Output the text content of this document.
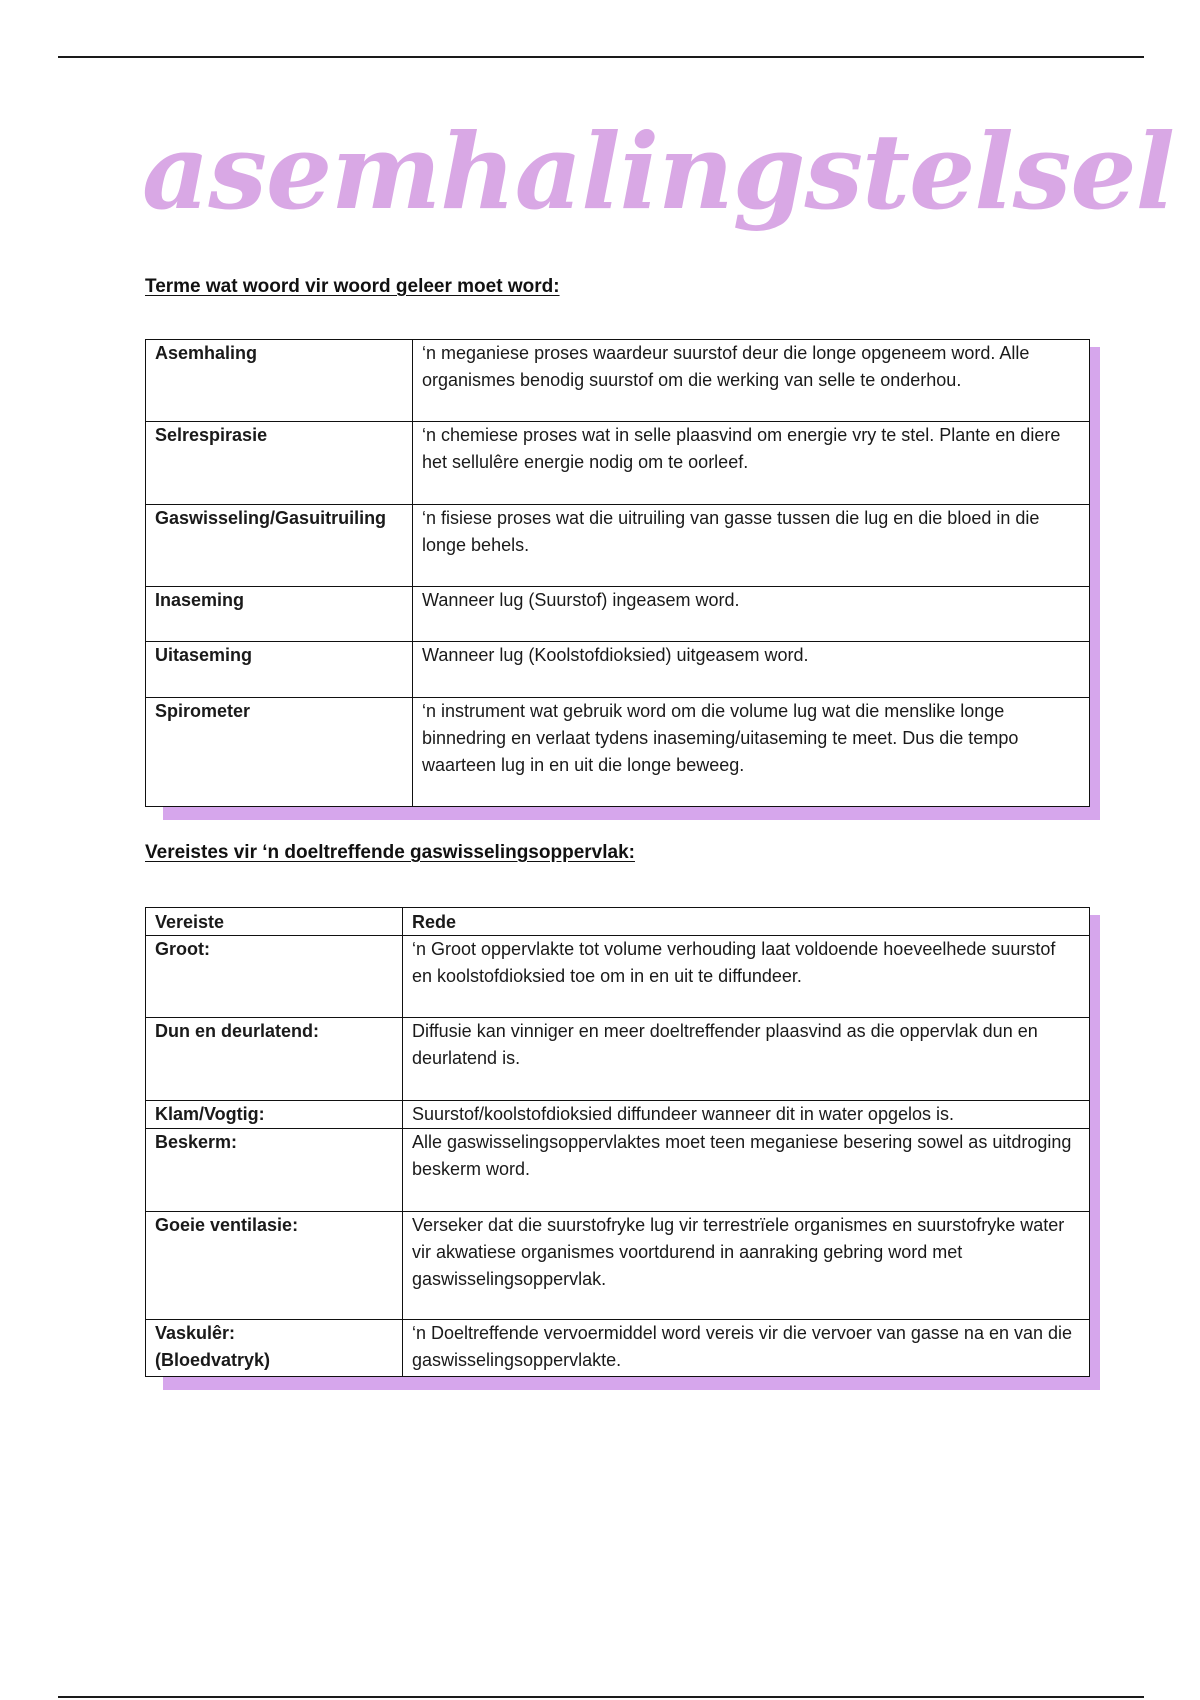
asemhalingstelsel

Terme wat woord vir woord geleer moet word:

Asemhaling	‘n meganiese proses waardeur suurstof deur die longe opgeneem word. Alle organismes benodig suurstof om die werking van selle te onderhou.
Selrespirasie	‘n chemiese proses wat in selle plaasvind om energie vry te stel. Plante en diere het sellulêre energie nodig om te oorleef.
Gaswisseling/Gasuitruiling	‘n fisiese proses wat die uitruiling van gasse tussen die lug en die bloed in die longe behels.
Inaseming	Wanneer lug (Suurstof) ingeasem word.
Uitaseming	Wanneer lug (Koolstofdioksied) uitgeasem word.
Spirometer	‘n instrument wat gebruik word om die volume lug wat die menslike longe binnedring en verlaat tydens inaseming/uitaseming te meet. Dus die tempo waarteen lug in en uit die longe beweeg.

Vereistes vir ‘n doeltreffende gaswisselingsoppervlak:

Vereiste	Rede
Groot:	‘n Groot oppervlakte tot volume verhouding laat voldoende hoeveelhede suurstof en koolstofdioksied toe om in en uit te diffundeer.
Dun en deurlatend:	Diffusie kan vinniger en meer doeltreffender plaasvind as die oppervlak dun en deurlatend is.
Klam/Vogtig:	Suurstof/koolstofdioksied diffundeer wanneer dit in water opgelos is.
Beskerm:	Alle gaswisselingsoppervlaktes moet teen meganiese besering sowel as uitdroging beskerm word.
Goeie ventilasie:	Verseker dat die suurstofryke lug vir terrestrïele organismes en suurstofryke water vir akwatiese organismes voortdurend in aanraking gebring word met gaswisselingsoppervlak.
Vaskulêr:
(Bloedvatryk)	‘n Doeltreffende vervoermiddel word vereis vir die vervoer van gasse na en van die gaswisselingsoppervlakte.
